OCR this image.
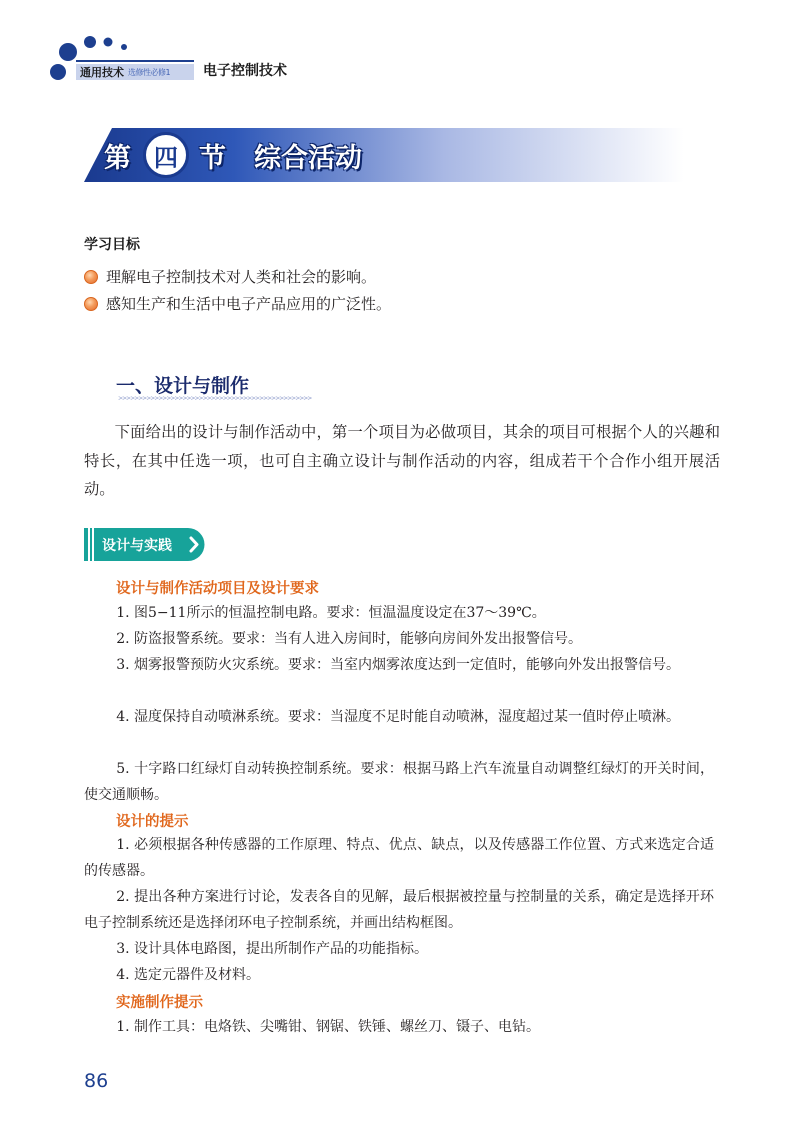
通用技术 选修性必修1 电子控制技术
第 四 节 综合活动
学习目标
理解电子控制技术对人类和社会的影响。
感知生产和生活中电子产品应用的广泛性。
一、设计与制作
>>>>>>>>>>>>>>>>>>>>>>>>>>>>>>>>>>>>>>>>>>>>>>>>

下面给出的设计与制作活动中，第一个项目为必做项目，其余的项目可根据个人的兴趣和特长，在其中任选一项，也可自主确立设计与制作活动的内容，组成若干个合作小组开展活动。

设计与实践
设计与制作活动项目及设计要求

1. 图5−11所示的恒温控制电路。要求：恒温温度设定在37～39℃。

2. 防盗报警系统。要求：当有人进入房间时，能够向房间外发出报警信号。

3. 烟雾报警预防火灾系统。要求：当室内烟雾浓度达到一定值时，能够向外发出报警信号。

4. 湿度保持自动喷淋系统。要求：当湿度不足时能自动喷淋，湿度超过某一值时停止喷淋。

5. 十字路口红绿灯自动转换控制系统。要求：根据马路上汽车流量自动调整红绿灯的开关时间，使交通顺畅。

设计的提示

1. 必须根据各种传感器的工作原理、特点、优点、缺点，以及传感器工作位置、方式来选定合适的传感器。

2. 提出各种方案进行讨论，发表各自的见解，最后根据被控量与控制量的关系，确定是选择开环电子控制系统还是选择闭环电子控制系统，并画出结构框图。

3. 设计具体电路图，提出所制作产品的功能指标。

4. 选定元器件及材料。

实施制作提示

1. 制作工具：电烙铁、尖嘴钳、钢锯、铁锤、螺丝刀、镊子、电钻。

86
